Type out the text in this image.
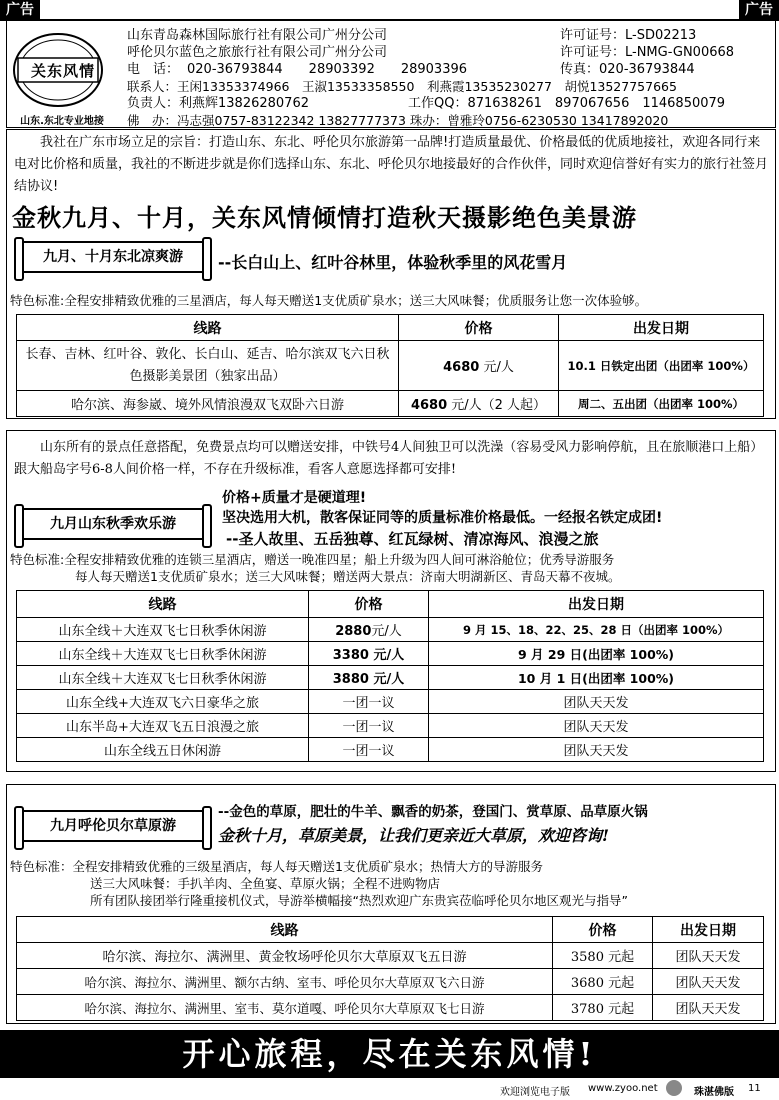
广告	广告
关东风情
山东.东北专业地接
山东青岛森林国际旅行社有限公司广州分公司	许可证号：L-SD02213
呼伦贝尔蓝色之旅旅行社有限公司广州分公司	许可证号：L-NMG-GN00668
电　话： 020-36793844　　28903392　　28903396	传真：020-36793844
联系人：王闲13353374966　王淑13533358550　利燕霞13535230277　胡悦13527757665
负责人：利燕辉13826280762	工作QQ：871638261　897067656　1146850079
佛　办：冯志强0757-83122342 13827777373 珠办：曾雅玲0756-6230530 13417892020
我社在广东市场立足的宗旨：打造山东、东北、呼伦贝尔旅游第一品牌!打造质量最优、价格最低的优质地接社，欢迎各同行来电对比价格和质量，我社的不断进步就是你们选择山东、东北、呼伦贝尔地接最好的合作伙伴，同时欢迎信誉好有实力的旅行社签月结协议!
金秋九月、十月，关东风情倾情打造秋天摄影绝色美景游
九月、十月东北凉爽游	--长白山上、红叶谷林里，体验秋季里的风花雪月
特色标准:全程安排精致优雅的三星酒店，每人每天赠送1支优质矿泉水；送三大风味餐；优质服务让您一次体验够。
线路	价格	出发日期
长春、吉林、红叶谷、敦化、长白山、延吉、哈尔滨双飞六日秋色摄影美景团（独家出品）	4680 元/人	10.1 日铁定出团（出团率 100%）
哈尔滨、海参崴、境外风情浪漫双飞双卧六日游	4680 元/人（2 人起）	周二、五出团（出团率 100%）
山东所有的景点任意搭配，免费景点均可以赠送安排，中铁号4人间独卫可以洗澡（容易受风力影响停航，且在旅顺港口上船）跟大船岛字号6-8人间价格一样，不存在升级标准，看客人意愿选择都可安排!
九月山东秋季欢乐游
价格+质量才是硬道理!
坚决选用大机，散客保证同等的质量标准价格最低。一经报名铁定成团!
--圣人故里、五岳独尊、红瓦绿树、清凉海风、浪漫之旅
特色标准:全程安排精致优雅的连锁三星酒店，赠送一晚准四星；船上升级为四人间可淋浴舱位；优秀导游服务
每人每天赠送1支优质矿泉水；送三大风味餐；赠送两大景点：济南大明湖新区、青岛天幕不夜城。
线路	价格	出发日期
山东全线＋大连双飞七日秋季休闲游	2880元/人	9 月 15、18、22、25、28 日（出团率 100%）
山东全线＋大连双飞七日秋季休闲游	3380 元/人	9 月 29 日(出团率 100%)
山东全线＋大连双飞七日秋季休闲游	3880 元/人	10 月 1 日(出团率 100%)
山东全线+大连双飞六日豪华之旅	一团一议	团队天天发
山东半岛+大连双飞五日浪漫之旅	一团一议	团队天天发
山东全线五日休闲游	一团一议	团队天天发
九月呼伦贝尔草原游
--金色的草原，肥壮的牛羊、飘香的奶茶，登国门、赏草原、品草原火锅
金秋十月，草原美景，让我们更亲近大草原，欢迎咨询!
特色标准：全程安排精致优雅的三级星酒店，每人每天赠送1支优质矿泉水；热情大方的导游服务
送三大风味餐：手扒羊肉、全鱼宴、草原火锅；全程不进购物店
所有团队接团举行隆重接机仪式，导游举横幅接“热烈欢迎广东贵宾莅临呼伦贝尔地区观光与指导”
线路	价格	出发日期
哈尔滨、海拉尔、满洲里、黄金牧场呼伦贝尔大草原双飞五日游	3580 元起	团队天天发
哈尔滨、海拉尔、满洲里、额尔古纳、室韦、呼伦贝尔大草原双飞六日游	3680 元起	团队天天发
哈尔滨、海拉尔、满洲里、室韦、莫尔道嘎、呼伦贝尔大草原双飞七日游	3780 元起	团队天天发
开心旅程，尽在关东风情!
欢迎浏览电子版 www.zyoo.net	珠湛佛版 11
